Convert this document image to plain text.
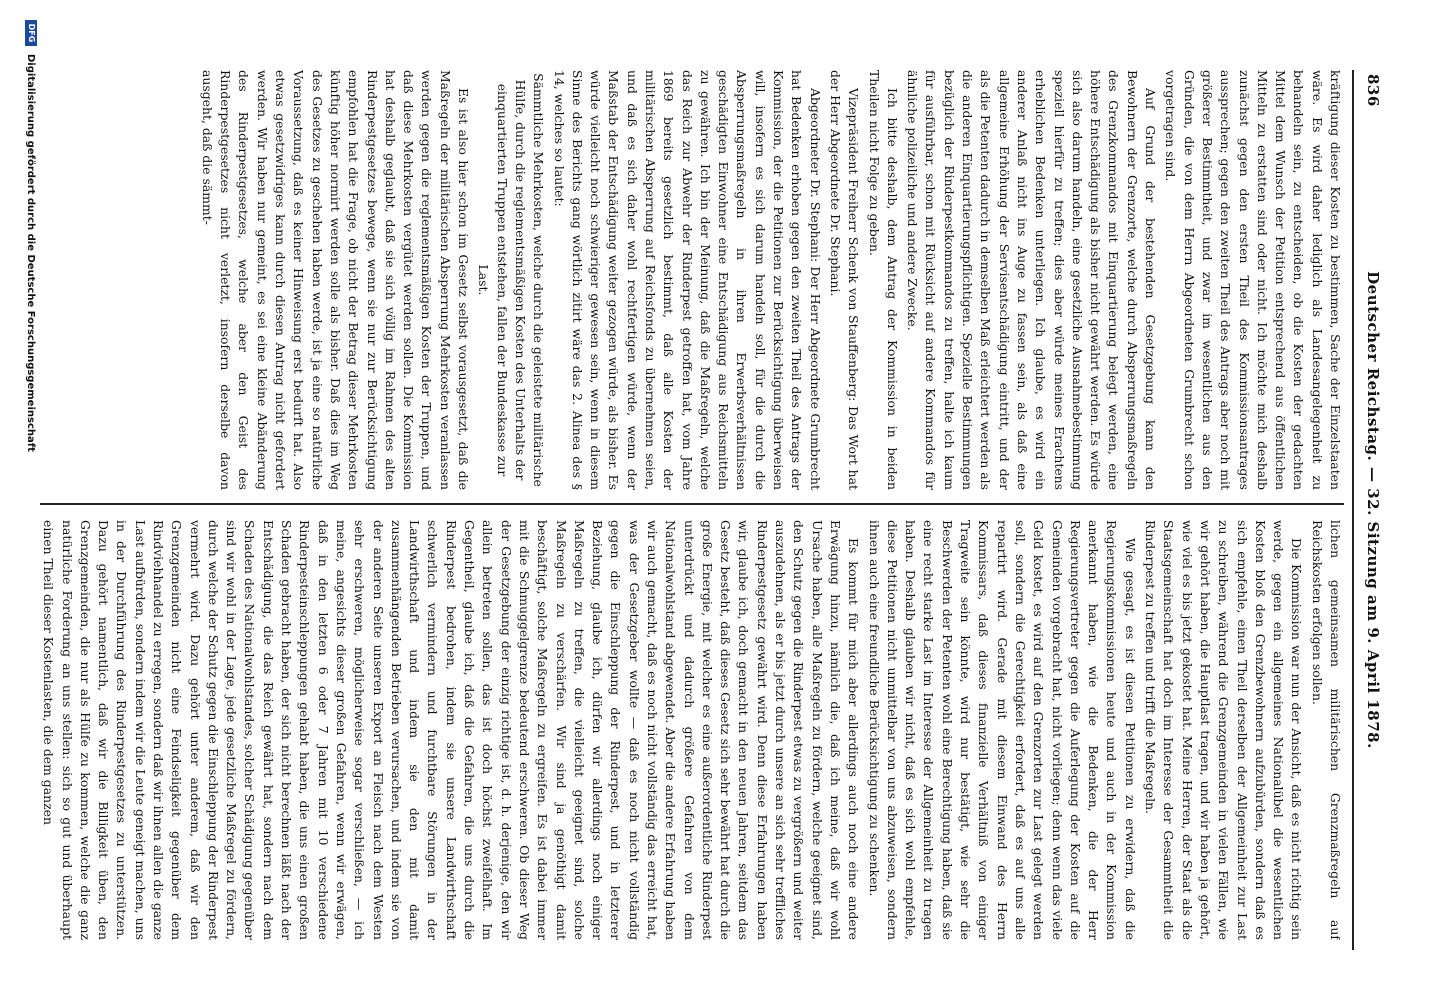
836
Deutscher Reichstag. — 32. Sitzung am 9. April 1878.

kräftigung dieser Kosten zu bestimmen, Sache der Einzelstaaten wäre. Es wird daher lediglich als Landesangelegenheit zu behandeln sein, zu entscheiden, ob die Kosten der gedachten Mittel dem Wunsch der Petition entsprechend aus öffentlichen Mitteln zu erstatten sind oder nicht. Ich möchte mich deshalb zunächst gegen den ersten Theil des Kommissionsantrages aussprechen; gegen den zweiten Theil des Antrags aber noch mit größerer Bestimmtheit, und zwar im wesentlichen aus den Gründen, die von dem Herrn Abgeordneten Grumbrecht schon vorgetragen sind.

Auf Grund der bestehenden Gesetzgebung kann den Bewohnern der Grenzorte, welche durch Absperrungsmaßregeln des Grenzkommandos mit Einquartierung belegt werden, eine höhere Entschädigung als bisher nicht gewährt werden. Es würde sich also darum handeln, eine gesetzliche Ausnahmebestimmung speziell hierfür zu treffen; dies aber würde meines Erachtens erheblichen Bedenken unterliegen. Ich glaube, es wird ein anderer Anlaß nicht ins Auge zu fassen sein, als daß eine allgemeine Erhöhung der Servisentschädigung eintritt, und der als die Petenten dadurch in demselben Maß erleichtert werden als die anderen Einquartierungspflichtigen. Spezielle Bestimmungen bezüglich der Rinderpestkommandos zu treffen, halte ich kaum für ausführbar, schon mit Rücksicht auf andere Kommandos für ähnliche polizeiliche und andere Zwecke.

Ich bitte deshalb, dem Antrag der Kommission in beiden Theilen nicht Folge zu geben.

Vizepräsident Freiherr Schenk von Stauffenberg: Das Wort hat der Herr Abgeordnete Dr. Stephani.

Abgeordneter Dr. Stephani: Der Herr Abgeordnete Grumbrecht hat Bedenken erhoben gegen den zweiten Theil des Antrags der Kommission, der die Petitionen zur Berücksichtigung überweisen will, insofern es sich darum handeln soll, für die durch die Absperrungsmaßregeln in ihren Erwerbsverhältnissen geschädigten Einwohner eine Entschädigung aus Reichsmitteln zu gewähren. Ich bin der Meinung, daß die Maßregeln, welche das Reich zur Abwehr der Rinderpest getroffen hat, vom Jahre 1869 bereits gesetzlich bestimmt, daß alle Kosten der militärischen Absperrung auf Reichsfonds zu übernehmen seien, und daß es sich daher wohl rechtfertigen würde, wenn der Maßstab der Entschädigung weiter gezogen würde, als bisher. Es würde vielleicht noch schwieriger gewesen sein, wenn in diesem Sinne des Berichts gang wörtlich zitirt wäre das 2. Alinea des § 14, welches so lautet:

Sämmtliche Mehrkosten, welche durch die geleistete militärische Hülfe, durch die reglementsmäßigen Kosten des Unterhalts der einquartierten Truppen entstehen, fallen der Bundeskasse zur Last.

Es ist also hier schon im Gesetz selbst vorausgesetzt, daß die Maßregeln der militärischen Absperrung Mehrkosten veranlassen werden gegen die reglementsmäßigen Kosten der Truppen, und daß diese Mehrkosten vergütet werden sollen. Die Kommission hat deshalb geglaubt, daß sie sich völlig im Rahmen des alten Rinderpestgesetzes bewege, wenn sie nur zur Berücksichtigung empfohlen hat die Frage, ob nicht der Betrag dieser Mehrkosten künftig höher normirt werden solle als bisher. Daß dies im Weg des Gesetzes zu geschehen haben werde, ist ja eine so natürliche Voraussetzung, daß es keiner Hinweisung erst bedurft hat. Also etwas gesetzwidriges kann durch diesen Antrag nicht gefordert werden. Wir haben nur gemeint, es sei eine kleine Abänderung des Rinderpestgesetzes, welche aber den Geist des Rinderpestgesetzes nicht verletzt, insofern derselbe davon ausgeht, daß die sämmt-

lichen gemeinsamen militärischen Grenzmaßregeln auf Reichskosten erfolgen sollen.

Die Kommission war nun der Ansicht, daß es nicht richtig sein werde, gegen ein allgemeines Nationalübel die wesentlichen Kosten bloß den Grenzbewohnern aufzubürden, sondern daß es sich empfehle, einen Theil derselben der Allgemeinheit zur Last zu schreiben, während die Grenzgemeinden in vielen Fällen, wie wir gehört haben, die Hauptlast tragen, und wir haben ja gehört, wie viel es bis jetzt gekostet hat. Meine Herren, der Staat als die Staatsgemeinschaft hat doch im Interesse der Gesammtheit die Rinderpest zu treffen und trifft die Maßregeln.

Wie gesagt, es ist diesen Petitionen zu erwidern, daß die Regierungskommissionen heute und auch in der Kommission anerkannt haben, wie die Bedenken, die der Herr Regierungsvertreter gegen die Auferlegung der Kosten auf die Gemeinden vorgebracht hat, nicht vorliegen; denn wenn das viele Geld kostet, es wird auf den Grenzorten zur Last gelegt werden soll, sondern die Gerechtigkeit erfordert, daß es auf uns alle repartirt wird. Gerade mit diesem Einwand des Herrn Kommissars, daß dieses finanzielle Verhältniß von einiger Tragweite sein könnte, wird nur bestätigt, wie sehr die Beschwerden der Petenten wohl eine Berechtigung haben, daß sie eine recht starke Last im Interesse der Allgemeinheit zu tragen haben. Deshalb glauben wir nicht, daß es sich wohl empfehle, diese Petitionen nicht unmittelbar von uns abzuweisen, sondern ihnen auch eine freundliche Berücksichtigung zu schenken.

Es kommt für mich aber allerdings auch noch eine andere Erwägung hinzu, nämlich die, daß ich meine, daß wir wohl Ursache haben, alle Maßregeln zu fördern, welche geeignet sind, den Schutz gegen die Rinderpest etwas zu vergrößern und weiter auszudehnen, als er bis jetzt durch unsere an sich sehr treffliches Rinderpestgesetz gewährt wird. Denn diese Erfahrungen haben wir, glaube ich, doch gemacht in den neuen Jahren, seitdem das Gesetz besteht, daß dieses Gesetz sich sehr bewährt hat durch die große Energie, mit welcher es eine außerordentliche Rinderpest unterdrückt und dadurch größere Gefahren von dem Nationalwohlstand abgewendet. Aber die andere Erfahrung haben wir auch gemacht, daß es noch nicht vollständig das erreicht hat, was der Gesetzgeber wollte — daß es noch nicht vollständig gegen die Einschleppung der Rinderpest, und in letzterer Beziehung, glaube ich, dürfen wir allerdings noch einiger Maßregeln zu treffen, die vielleicht geeignet sind, solche Maßregeln zu verschärfen. Wir sind ja genöthigt damit beschäftigt, solche Maßregeln zu ergreifen. Es ist dabei immer mit die Schmuggelgrenze bedeutend erschweren. Ob dieser Weg der Gesetzgebung der einzig richtige ist, d. h. derjenige, den wir allein betreten sollen, das ist doch höchst zweifelhaft. Im Gegentheil, glaube ich, daß die Gefahren, die uns durch die Rinderpest bedrohen, indem sie unsere Landwirthschaft schwerlich vermindern und furchtbare Störungen in der Landwirthschaft und indem sie den mit damit zusammenhängenden Betrieben verursachen, und indem sie von der anderen Seite unseren Export an Fleisch nach dem Westen sehr erschweren, möglicherweise sogar verschließen, — ich meine, angesichts dieser großen Gefahren, wenn wir erwägen, daß in den letzten 6 oder 7 Jahren mit 10 verschiedene Rinderpesteinschleppungen gehabt haben, die uns einen großen Schaden gebracht haben, der sich nicht berechnen läßt nach der Entschädigung, die das Reich gewährt hat, sondern nach dem Schaden des Nationalwohlstandes, solcher Schädigung gegenüber sind wir wohl in der Lage, jede gesetzliche Maßregel zu fördern, durch welche der Schutz gegen die Einschleppung der Rinderpest vermehrt wird. Dazu gehört unter anderem, daß wir den Grenzgemeinden nicht eine Feindseligkeit gegenüber dem Rindviehhandel zu erregen, sondern daß wir ihnen allen die ganze Last aufbürden, sondern indem wir die Leute geneigt machen, uns in der Durchführung des Rinderpestgesetzes zu unterstützen. Dazu gehört namentlich, daß wir die Billigkeit üben, den Grenzgemeinden, die nur als Hülfe zu kommen, welche die ganz natürliche Forderung an uns stellen: sich so gut und überhaupt einen Theil dieser Kostenlasten, die dem ganzen

DFG
Digitalisierung gefördert durch die Deutsche Forschungsgemeinschaft
